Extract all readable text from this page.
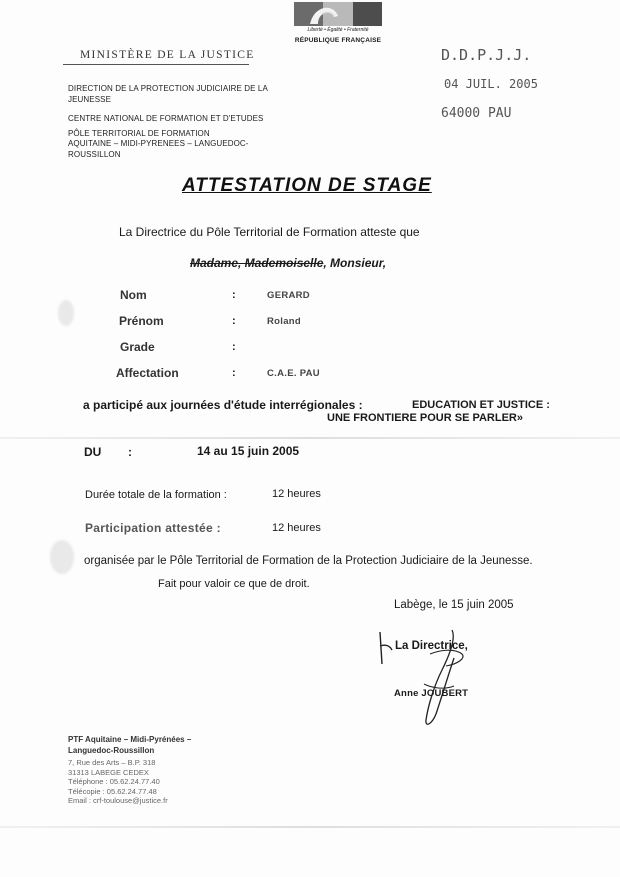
Liberté • Égalité • Fraternité
RÉPUBLIQUE FRANÇAISE
MINISTÈRE DE LA JUSTICE
DIRECTION DE LA PROTECTION JUDICIAIRE DE LA
JEUNESSE
CENTRE NATIONAL DE FORMATION ET D'ETUDES
PÔLE TERRITORIAL DE FORMATION
AQUITAINE – MIDI-PYRENEES – LANGUEDOC-
ROUSSILLON
D.D.P.J.J.
04 JUIL. 2005
64000 PAU
ATTESTATION DE STAGE
La Directrice du Pôle Territorial de Formation atteste que
Madame, Mademoiselle, Monsieur,
Nom	:	GERARD
Prénom	:	Roland
Grade	:
Affectation	:	C.A.E. PAU
a participé aux journées d'étude interrégionales :	EDUCATION ET JUSTICE :
UNE FRONTIERE POUR SE PARLER»
DU :	14 au 15 juin 2005
Durée totale de la formation :	12 heures
Participation attestée :	12 heures
organisée par le Pôle Territorial de Formation de la Protection Judiciaire de la Jeunesse.
Fait pour valoir ce que de droit.
Labège, le 15 juin 2005
La Directrice,
Anne JOUBERT
PTF Aquitaine – Midi-Pyrénées –
Languedoc-Roussillon
7, Rue des Arts – B.P. 318
31313 LABEGE CEDEX
Téléphone : 05.62.24.77.40
Télécopie : 05.62.24.77.48
Email : crf-toulouse@justice.fr
